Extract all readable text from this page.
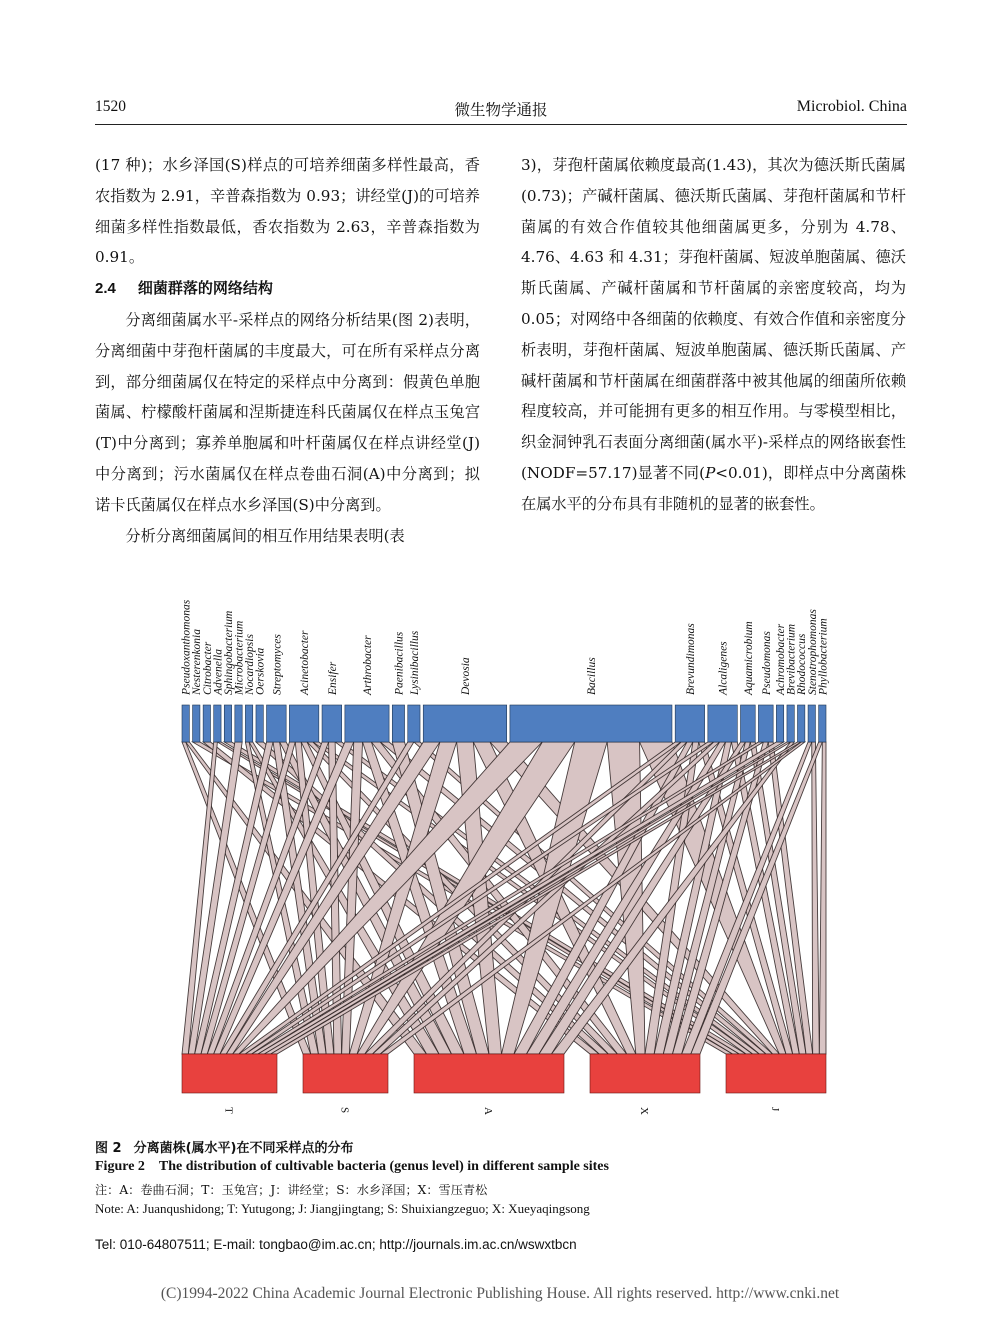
1520	微生物学通报	Microbiol. China

(17 种)；水乡泽国(S)样点的可培养细菌多样性最高，香农指数为 2.91，辛普森指数为 0.93；讲经堂(J)的可培养细菌多样性指数最低，香农指数为 2.63，辛普森指数为 0.91。

2.4 细菌群落的网络结构

分离细菌属水平-采样点的网络分析结果(图 2)表明，分离细菌中芽孢杆菌属的丰度最大，可在所有采样点分离到，部分细菌属仅在特定的采样点中分离到：假黄色单胞菌属、柠檬酸杆菌属和涅斯捷连科氏菌属仅在样点玉兔宫(T)中分离到；寡养单胞属和叶杆菌属仅在样点讲经堂(J)中分离到；污水菌属仅在样点卷曲石洞(A)中分离到；拟诺卡氏菌属仅在样点水乡泽国(S)中分离到。

分析分离细菌属间的相互作用结果表明(表

3)，芽孢杆菌属依赖度最高(1.43)，其次为德沃斯氏菌属(0.73)；产碱杆菌属、德沃斯氏菌属、芽孢杆菌属和节杆菌属的有效合作值较其他细菌属更多，分别为 4.78、4.76、4.63 和 4.31；芽孢杆菌属、短波单胞菌属、德沃斯氏菌属、产碱杆菌属和节杆菌属的亲密度较高，均为 0.05；对网络中各细菌的依赖度、有效合作值和亲密度分析表明，芽孢杆菌属、短波单胞菌属、德沃斯氏菌属、产碱杆菌属和节杆菌属在细菌群落中被其他属的细菌所依赖程度较高，并可能拥有更多的相互作用。与零模型相比，织金洞钟乳石表面分离细菌(属水平)-采样点的网络嵌套性(NODF=57.17)显著不同(P<0.01)，即样点中分离菌株在属水平的分布具有非随机的显著的嵌套性。

Pseudoxanthomonas
Nesterenkonia
Citrobacter
Advenella
Sphingobacterium
Microbacterium
Nocardiopsis
Oerskovia Streptomyces Acinetobacter Ensifer Arthrobacter Paenibacillus Lysinibacillus	Devosia	Bacillus	Brevundimonas Alcaligenes Aquamicrobium Pseudomonas Achromobacter
Brevibacterium
Rhodococcus
Stenotrophomonas
Phyllobacterium
T	S	A	X	J
图 2 分离菌株(属水平)在不同采样点的分布
Figure 2 The distribution of cultivable bacteria (genus level) in different sample sites
注：A：卷曲石洞；T：玉兔宫；J：讲经堂；S：水乡泽国；X：雪压青松
Note: A: Juanqushidong; T: Yutugong; J: Jiangjingtang; S: Shuixiangzeguo; X: Xueyaqingsong
Tel: 010-64807511; E-mail: tongbao@im.ac.cn; http://journals.im.ac.cn/wswxtbcn
(C)1994-2022 China Academic Journal Electronic Publishing House. All rights reserved. http://www.cnki.net
